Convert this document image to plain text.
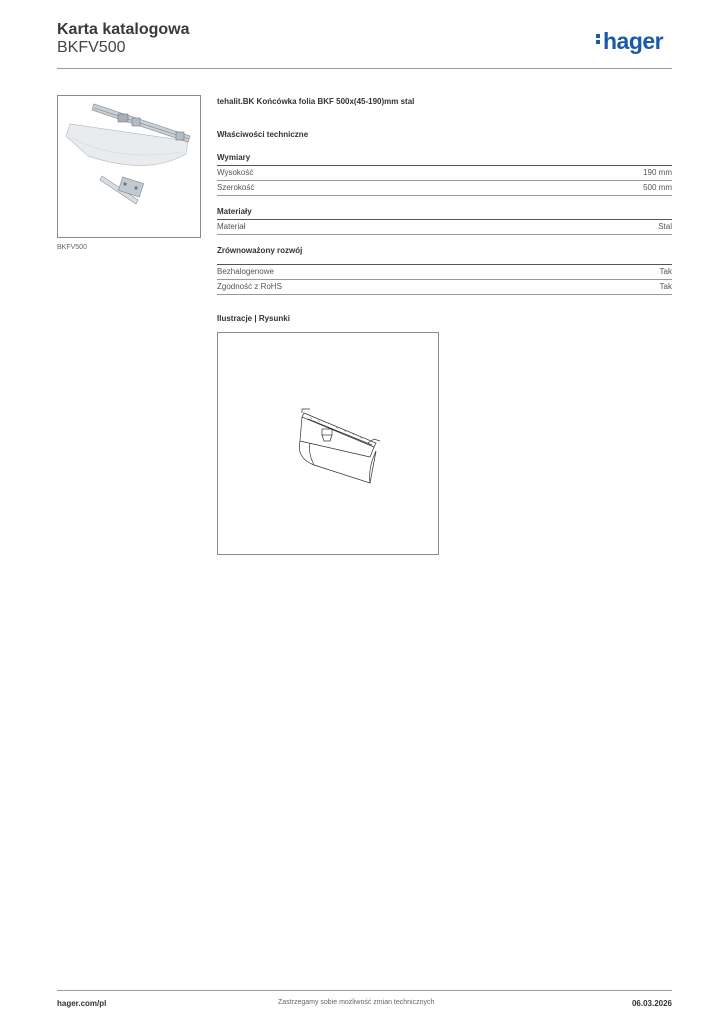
Karta katalogowa
BKFV500	hager
BKFV500
tehalit.BK Końcówka folia BKF 500x(45-190)mm stal
Właściwości techniczne
Wymiary
Wysokość	190 mm
Szerokość	500 mm
Materiały
Materiał	Stal
Zrównoważony rozwój
Bezhalogenowe	Tak
Zgodność z RoHS	Tak
Ilustracje | Rysunki
hager.com/pl	Zastrzegamy sobie możliwość zmian technicznych	06.03.2026
